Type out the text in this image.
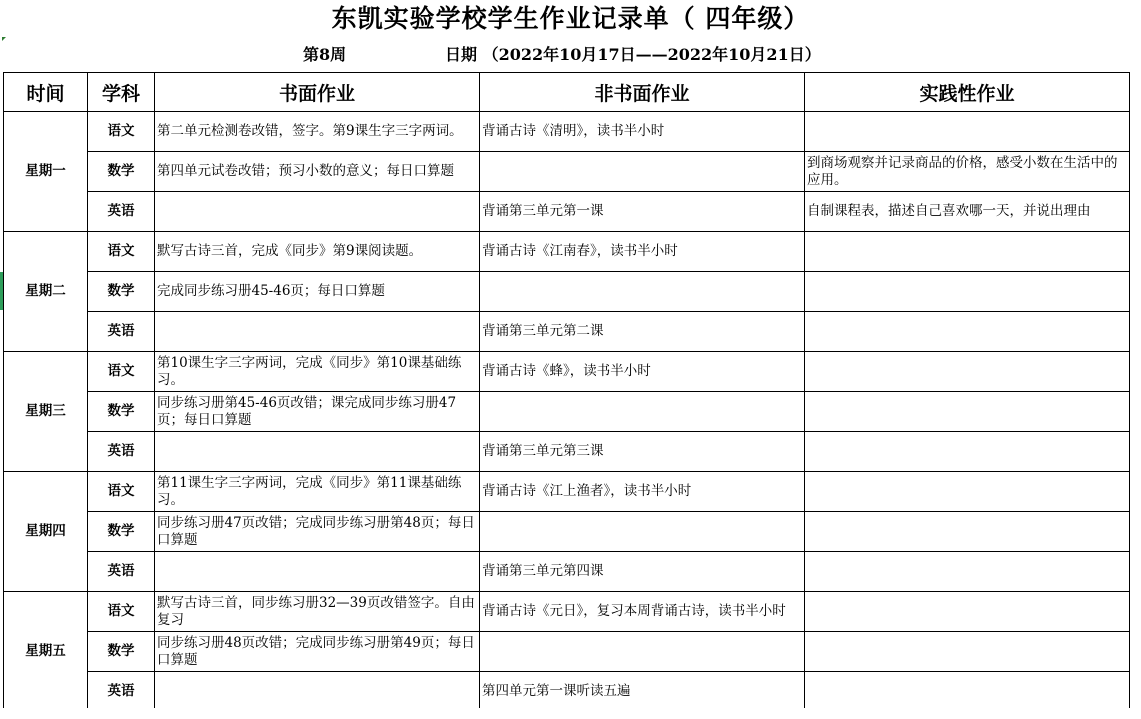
东凯实验学校学生作业记录单（ 四年级）
第8周	日期 （2022年10月17日——2022年10月21日）
时间	学科	书面作业	非书面作业	实践性作业
星期一	语文	第二单元检测卷改错，签字。第9课生字三字两词。	背诵古诗《清明》，读书半小时	
	数学	第四单元试卷改错；预习小数的意义；每日口算题		到商场观察并记录商品的价格，感受小数在生活中的应用。
	英语		背诵第三单元第一课	自制课程表，描述自己喜欢哪一天，并说出理由
星期二	语文	默写古诗三首，完成《同步》第9课阅读题。	背诵古诗《江南春》，读书半小时	
	数学	完成同步练习册45-46页；每日口算题		
	英语		背诵第三单元第二课	
星期三	语文	第10课生字三字两词，完成《同步》第10课基础练习。	背诵古诗《蜂》，读书半小时	
	数学	同步练习册第45-46页改错；课完成同步练习册47页；每日口算题		
	英语		背诵第三单元第三课	
星期四	语文	第11课生字三字两词，完成《同步》第11课基础练习。	背诵古诗《江上渔者》，读书半小时	
	数学	同步练习册47页改错；完成同步练习册第48页；每日口算题		
	英语		背诵第三单元第四课	
星期五	语文	默写古诗三首，同步练习册32—39页改错签字。自由复习	背诵古诗《元日》，复习本周背诵古诗，读书半小时	
	数学	同步练习册48页改错；完成同步练习册第49页；每日口算题		
	英语		第四单元第一课听读五遍	
